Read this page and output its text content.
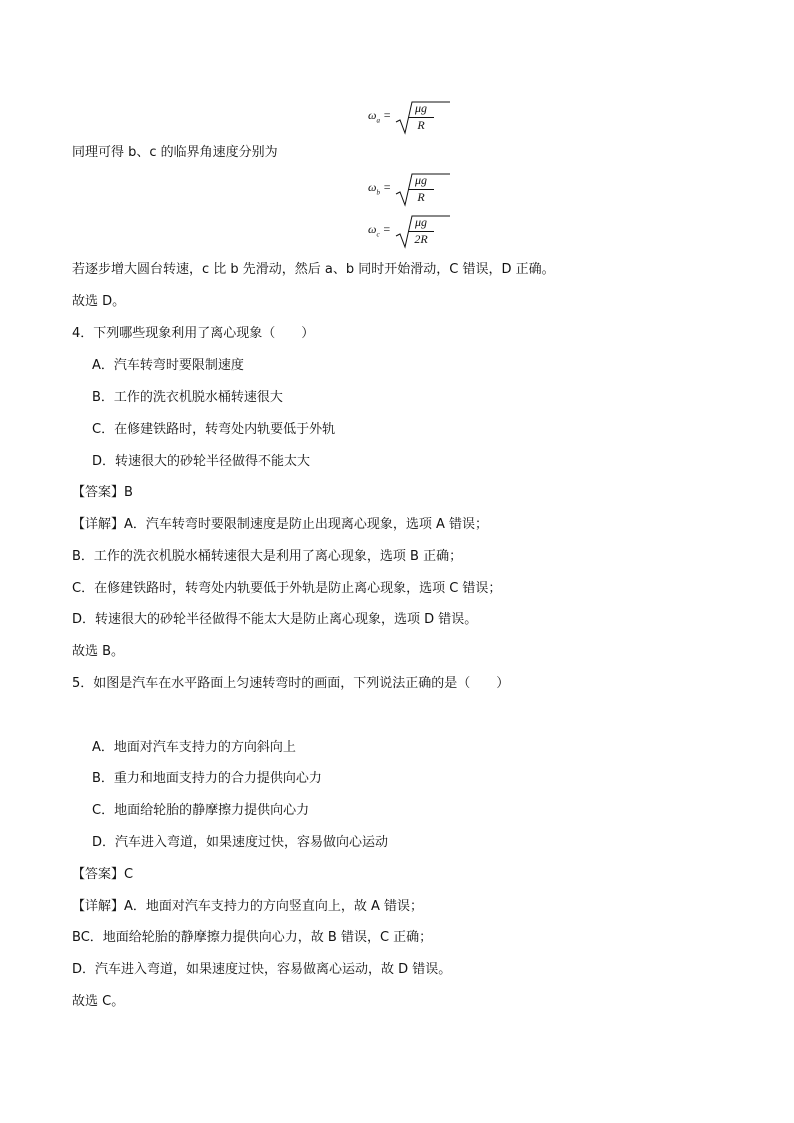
$\omega_a$ =	μg
R
同理可得 b、c 的临界角速度分别为
$\omega_b$ =	μg
R
$\omega_c$ =	μg
2R
若逐步增大圆台转速，c 比 b 先滑动，然后 a、b 同时开始滑动，C 错误，D 正确。
故选 D。
4．下列哪些现象利用了离心现象（　　）
A．汽车转弯时要限制速度
B．工作的洗衣机脱水桶转速很大
C．在修建铁路时，转弯处内轨要低于外轨
D．转速很大的砂轮半径做得不能太大
【答案】B
【详解】A．汽车转弯时要限制速度是防止出现离心现象，选项 A 错误；
B．工作的洗衣机脱水桶转速很大是利用了离心现象，选项 B 正确；
C．在修建铁路时，转弯处内轨要低于外轨是防止离心现象，选项 C 错误；
D．转速很大的砂轮半径做得不能太大是防止离心现象，选项 D 错误。
故选 B。
5．如图是汽车在水平路面上匀速转弯时的画面，下列说法正确的是（　　）
A．地面对汽车支持力的方向斜向上
B．重力和地面支持力的合力提供向心力
C．地面给轮胎的静摩擦力提供向心力
D．汽车进入弯道，如果速度过快，容易做向心运动
【答案】C
【详解】A．地面对汽车支持力的方向竖直向上，故 A 错误；
BC．地面给轮胎的静摩擦力提供向心力，故 B 错误，C 正确；
D．汽车进入弯道，如果速度过快，容易做离心运动，故 D 错误。
故选 C。
